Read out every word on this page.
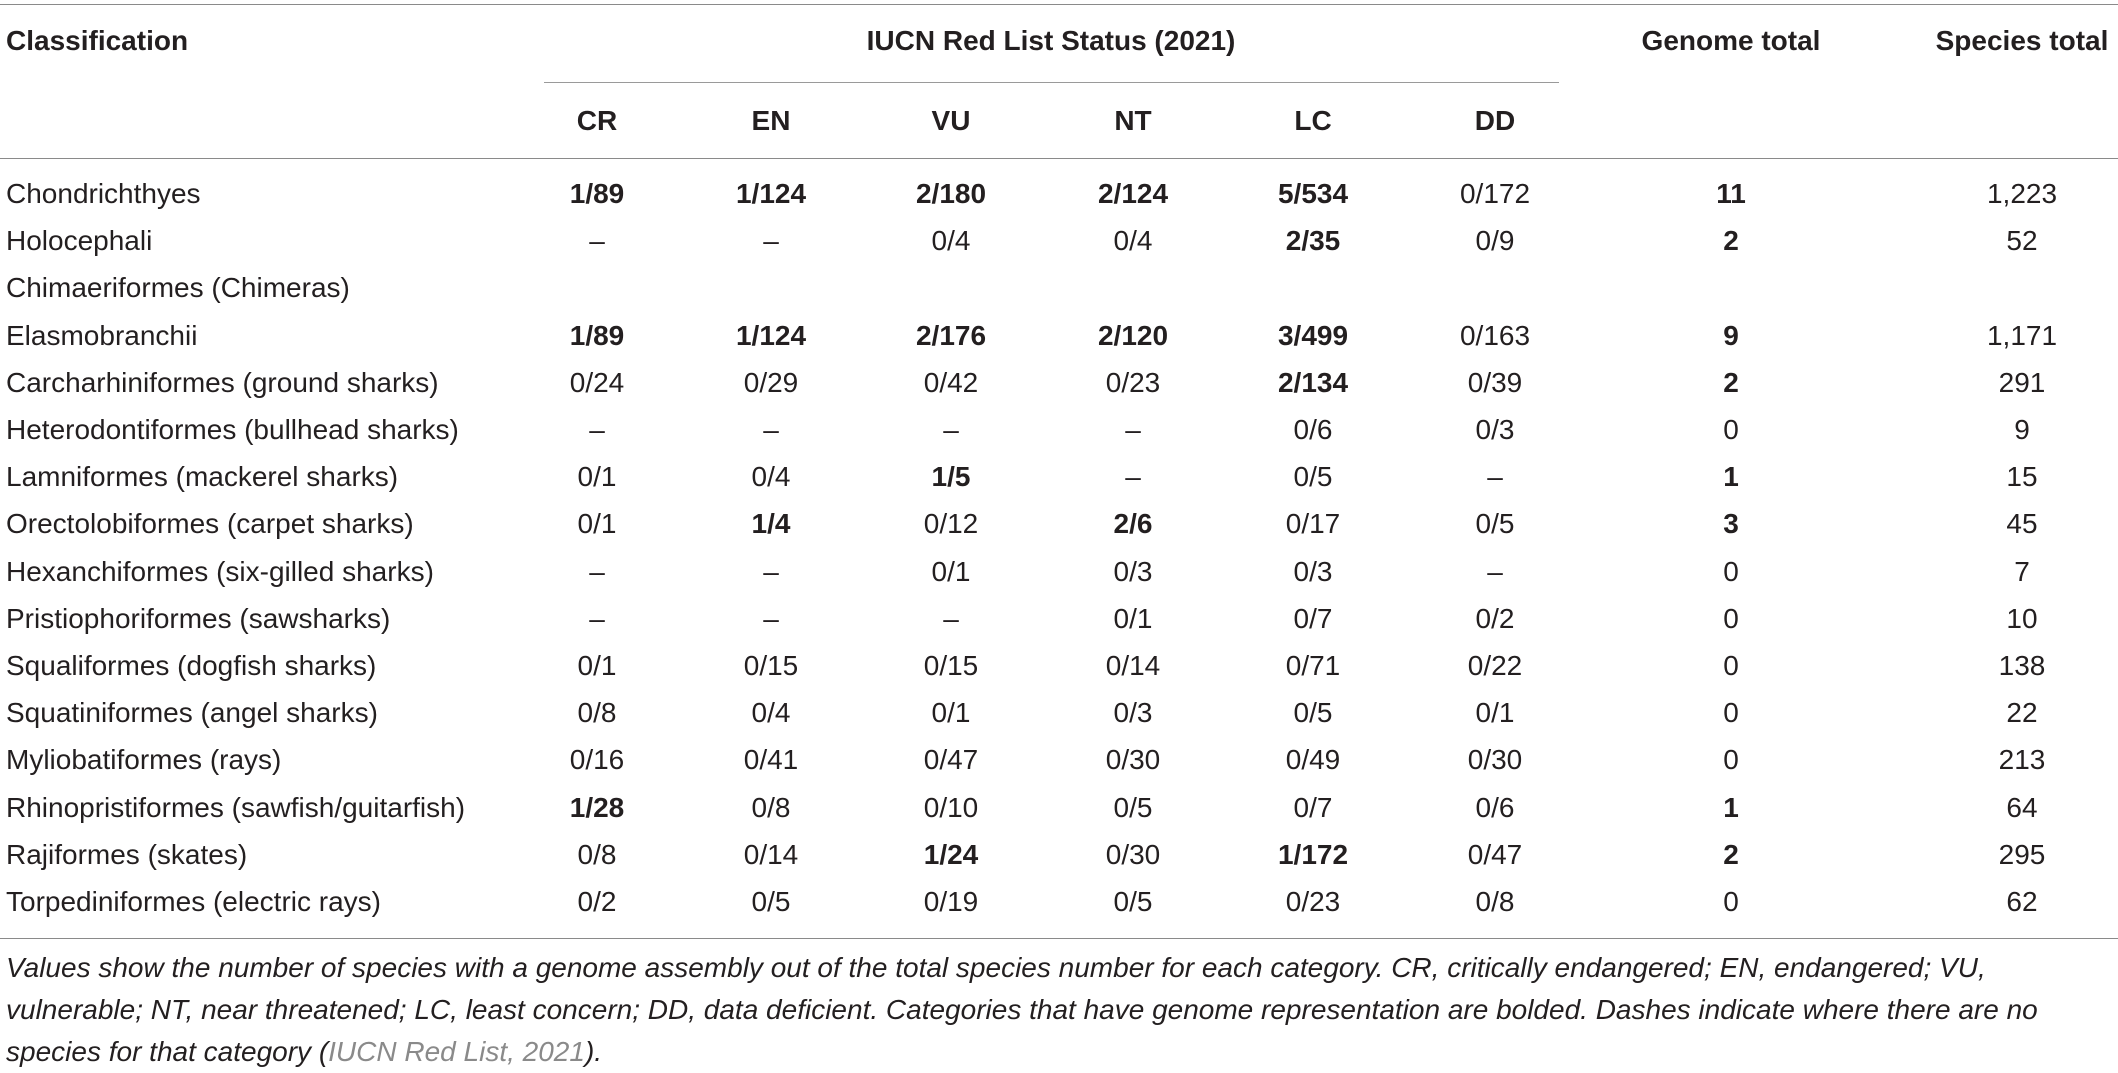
Classification	IUCN Red List Status (2021)	Genome total	Species total
CR	EN	VU	NT	LC	DD
Chondrichthyes	1/89	1/124	2/180	2/124	5/534	0/172	11	1,223
Holocephali	–	–	0/4	0/4	2/35	0/9	2	52
Chimaeriformes (Chimeras)
Elasmobranchii	1/89	1/124	2/176	2/120	3/499	0/163	9	1,171
Carcharhiniformes (ground sharks)	0/24	0/29	0/42	0/23	2/134	0/39	2	291
Heterodontiformes (bullhead sharks)	–	–	–	–	0/6	0/3	0	9
Lamniformes (mackerel sharks)	0/1	0/4	1/5	–	0/5	–	1	15
Orectolobiformes (carpet sharks)	0/1	1/4	0/12	2/6	0/17	0/5	3	45
Hexanchiformes (six-gilled sharks)	–	–	0/1	0/3	0/3	–	0	7
Pristiophoriformes (sawsharks)	–	–	–	0/1	0/7	0/2	0	10
Squaliformes (dogfish sharks)	0/1	0/15	0/15	0/14	0/71	0/22	0	138
Squatiniformes (angel sharks)	0/8	0/4	0/1	0/3	0/5	0/1	0	22
Myliobatiformes (rays)	0/16	0/41	0/47	0/30	0/49	0/30	0	213
Rhinopristiformes (sawfish/guitarfish)	1/28	0/8	0/10	0/5	0/7	0/6	1	64
Rajiformes (skates)	0/8	0/14	1/24	0/30	1/172	0/47	2	295
Torpediniformes (electric rays)	0/2	0/5	0/19	0/5	0/23	0/8	0	62
Values show the number of species with a genome assembly out of the total species number for each category. CR, critically endangered; EN, endangered; VU, vulnerable; NT, near threatened; LC, least concern; DD, data deficient. Categories that have genome representation are bolded. Dashes indicate where there are no species for that category (IUCN Red List, 2021).
